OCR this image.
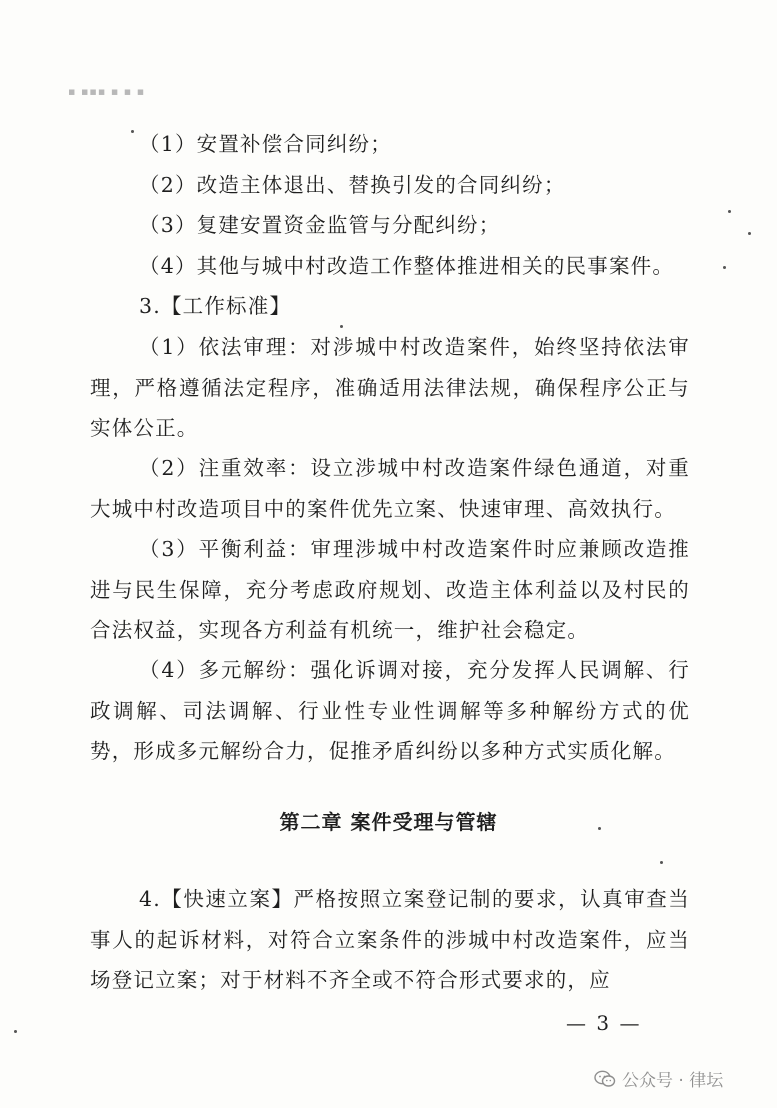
▪ ▪▪▪ ▪ ▪ ▪

（1）安置补偿合同纠纷；

（2）改造主体退出、替换引发的合同纠纷；

（3）复建安置资金监管与分配纠纷；

（4）其他与城中村改造工作整体推进相关的民事案件。

3.【工作标准】

（1）依法审理：对涉城中村改造案件，始终坚持依法审理，严格遵循法定程序，准确适用法律法规，确保程序公正与实体公正。

（2）注重效率：设立涉城中村改造案件绿色通道，对重大城中村改造项目中的案件优先立案、快速审理、高效执行。

（3）平衡利益：审理涉城中村改造案件时应兼顾改造推进与民生保障，充分考虑政府规划、改造主体利益以及村民的合法权益，实现各方利益有机统一，维护社会稳定。

（4）多元解纷：强化诉调对接，充分发挥人民调解、行政调解、司法调解、行业性专业性调解等多种解纷方式的优势，形成多元解纷合力，促推矛盾纠纷以多种方式实质化解。

第二章 案件受理与管辖

4.【快速立案】严格按照立案登记制的要求，认真审查当事人的起诉材料，对符合立案条件的涉城中村改造案件，应当场登记立案；对于材料不齐全或不符合形式要求的，应

— 3 —
公众号 · 律坛
